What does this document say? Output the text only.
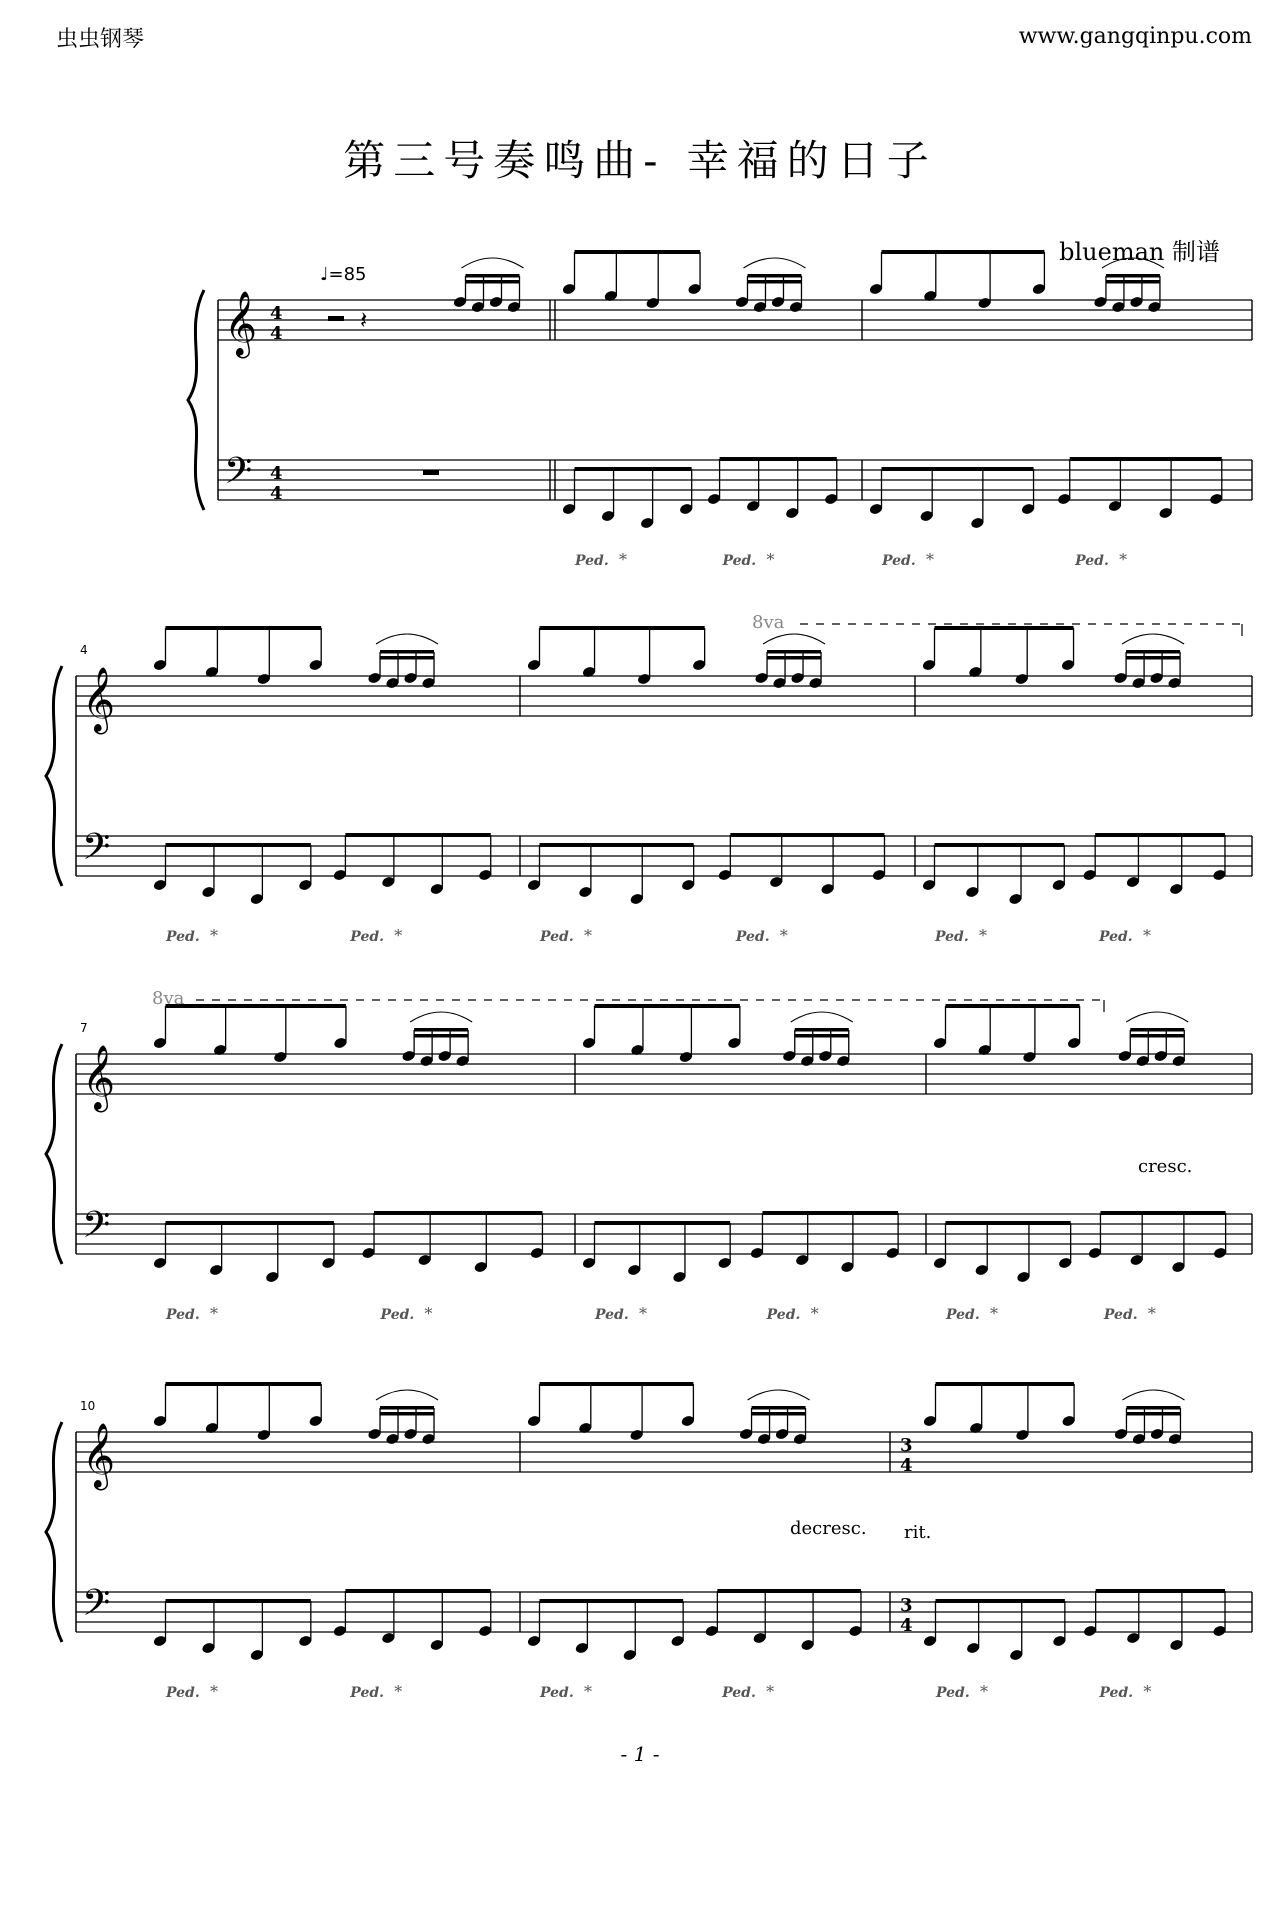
虫虫钢琴	www.gangqinpu.com
第三号奏鸣曲- 幸福的日子
blueman 制谱
𝄞
𝄢
4
4
4
4
𝄽
Ped. *	Ped. *	Ped. *	Ped. *
𝄞
𝄢
Ped. *	Ped. *	Ped. *	Ped. *	Ped. *	Ped. *
𝄞
𝄢
Ped. *	Ped. *	Ped. *	Ped. *	Ped. *	Ped. *
𝄞
𝄢
3
4
3
4
Ped. *	Ped. *	Ped. *	Ped. *	Ped. *	Ped. *
♩=85
8va
8va
cresc.
decresc. rit.
4
7
10
- 1 -
